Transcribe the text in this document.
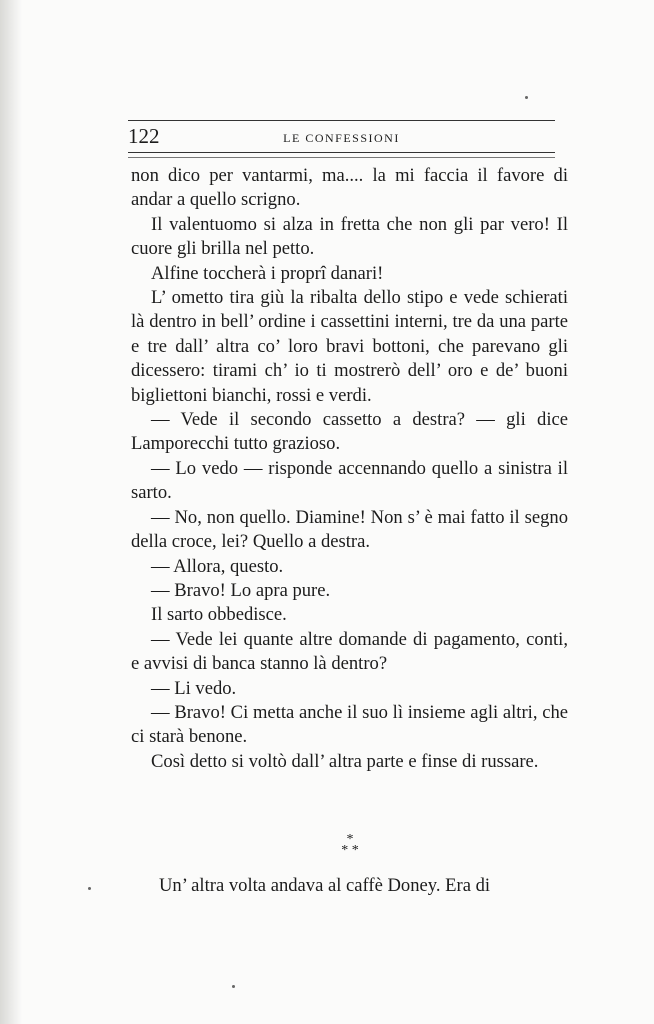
122	LE CONFESSIONI

non dico per vantarmi, ma.... la mi faccia il favore di andar a quello scrigno.

Il valentuomo si alza in fretta che non gli par vero! Il cuore gli brilla nel petto.

Alfine toccherà i proprî danari!

L’ ometto tira giù la ribalta dello stipo e vede schierati là dentro in bell’ ordine i cassettini interni, tre da una parte e tre dall’ altra co’ loro bravi bottoni, che parevano gli dicessero: tirami ch’ io ti mostrerò dell’ oro e de’ buoni bigliettoni bianchi, rossi e verdi.

— Vede il secondo cassetto a destra? — gli dice Lamporecchi tutto grazioso.

— Lo vedo — risponde accennando quello a sinistra il sarto.

— No, non quello. Diamine! Non s’ è mai fatto il segno della croce, lei? Quello a destra.

— Allora, questo.

— Bravo! Lo apra pure.

Il sarto obbedisce.

— Vede lei quante altre domande di pagamento, conti, e avvisi di banca stanno là dentro?

— Li vedo.

— Bravo! Ci metta anche il suo lì insieme agli altri, che ci starà benone.

Così detto si voltò dall’ altra parte e finse di russare.

*
* *
Un’ altra volta andava al caffè Doney. Era di
